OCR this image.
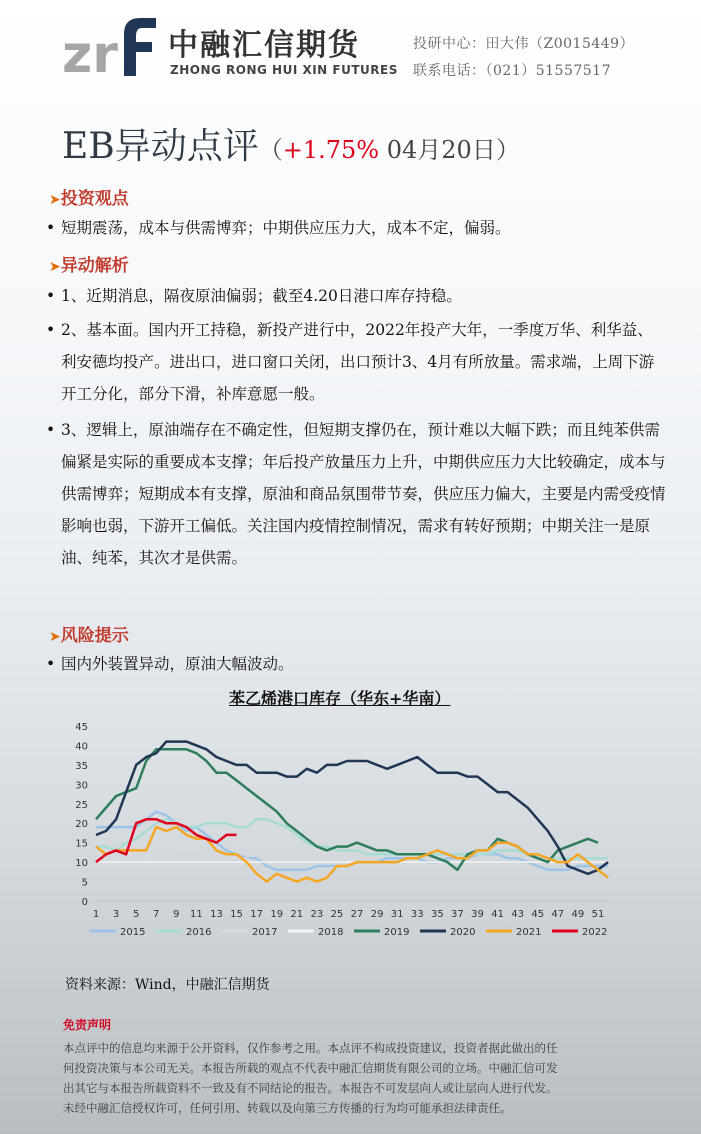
zr 中融汇信期货
ZHONG RONG HUI XIN FUTURES
投研中心：田大伟（Z0015449）
联系电话：（021）51557517
EB异动点评（+1.75% 04月20日）
➤投资观点
• 短期震荡，成本与供需博弈；中期供应压力大，成本不定，偏弱。
➤异动解析
• 1、近期消息，隔夜原油偏弱；截至4.20日港口库存持稳。
• 2、基本面。国内开工持稳，新投产进行中，2022年投产大年，一季度万华、利华益、利安德均投产。进出口，进口窗口关闭，出口预计3、4月有所放量。需求端，上周下游开工分化，部分下滑，补库意愿一般。
• 3、逻辑上，原油端存在不确定性，但短期支撑仍在，预计难以大幅下跌；而且纯苯供需偏紧是实际的重要成本支撑；年后投产放量压力上升，中期供应压力大比较确定，成本与供需博弈；短期成本有支撑，原油和商品氛围带节奏，供应压力偏大，主要是内需受疫情影响也弱，下游开工偏低。关注国内疫情控制情况，需求有转好预期；中期关注一是原油、纯苯，其次才是供需。
➤风险提示
• 国内外装置异动，原油大幅波动。
苯乙烯港口库存（华东+华南）
0
5
10
15
20
25
30
35
40
45
1 3 5 7 9 11 13 15 17 19 21 23 25 27 29 31 33 35 37 39 41 43 45 47 49 51
2015	2016	2017	2018	2019	2020	2021	2022
资料来源：Wind，中融汇信期货
免责声明
本点评中的信息均来源于公开资料，仅作参考之用。本点评不构成投资建议，投资者据此做出的任
何投资决策与本公司无关。本报告所载的观点不代表中融汇信期货有限公司的立场。中融汇信可发
出其它与本报告所载资料不一致及有不同结论的报告。本报告不可发层向人或让层向人进行代发。
未经中融汇信授权许可，任何引用、转载以及向第三方传播的行为均可能承担法律责任。
